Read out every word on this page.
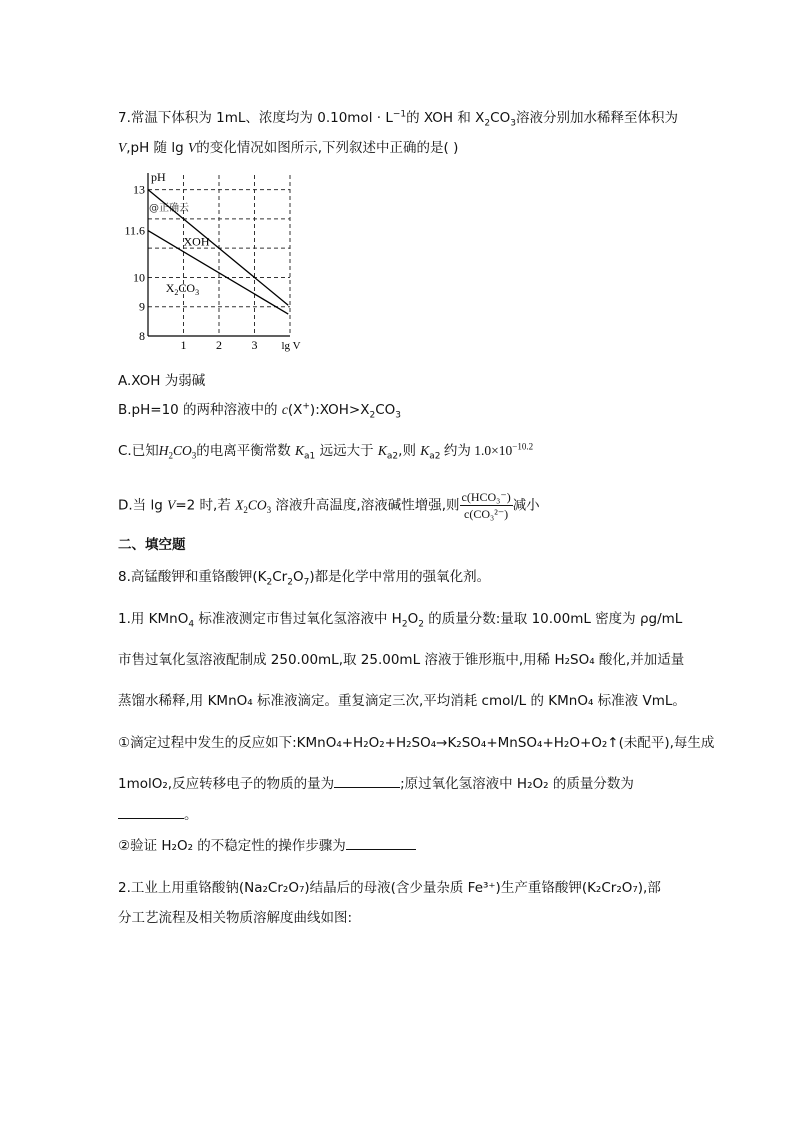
7.常温下体积为 1mL、浓度均为 $0.10mol \cdot L^{-1}$的 XOH 和 $X_2CO_3$溶液分别加水稀释至体积为
V,pH 随 lg V的变化情况如图所示,下列叙述中正确的是( )
13
11.6
10
9
8
1 2 3
pH
lg V
@正确云
XOH
$X_2CO_3$
A.XOH 为弱碱
B.pH=10 的两种溶液中的 $c(X^+):XOH>X_2CO_3$
C.已知$H_2CO_3$的电离平衡常数 $K_{a1}$ 远远大于 $K_{a2}$,则 $K_{a2}$ 约为 $1.0\times 10^{-10.2}$
D.当 lg V=2 时,若 $X_2CO_3$ 溶液升高温度,溶液碱性增强,则 $\frac{\text{c(HCO₃⁻)}}{\text{c(CO₃²⁻)}}$ 减小
二、填空题
8.高锰酸钾和重铬酸钾$(K_2Cr_2O_7)$都是化学中常用的强氧化剂。
1.用 KMnO$_4$ 标准液测定市售过氧化氢溶液中 $H_2O_2$ 的质量分数:量取 10.00mL 密度为 ρg/mL
市售过氧化氢溶液配制成 250.00mL,取 25.00mL 溶液于锥形瓶中,用稀 H₂SO₄ 酸化,并加适量
蒸馏水稀释,用 KMnO₄ 标准液滴定。重复滴定三次,平均消耗 cmol/L 的 KMnO₄ 标准液 VmL。
①滴定过程中发生的反应如下:KMnO₄+H₂O₂+H₂SO₄→K₂SO₄+MnSO₄+H₂O+O₂↑(未配平),每生成
1molO₂,反应转移电子的物质的量为	;原过氧化氢溶液中 H₂O₂ 的质量分数为
。
②验证 H₂O₂ 的不稳定性的操作步骤为
2.工业上用重铬酸钠(Na₂Cr₂O₇)结晶后的母液(含少量杂质 Fe³⁺)生产重铬酸钾(K₂Cr₂O₇),部
分工艺流程及相关物质溶解度曲线如图:
